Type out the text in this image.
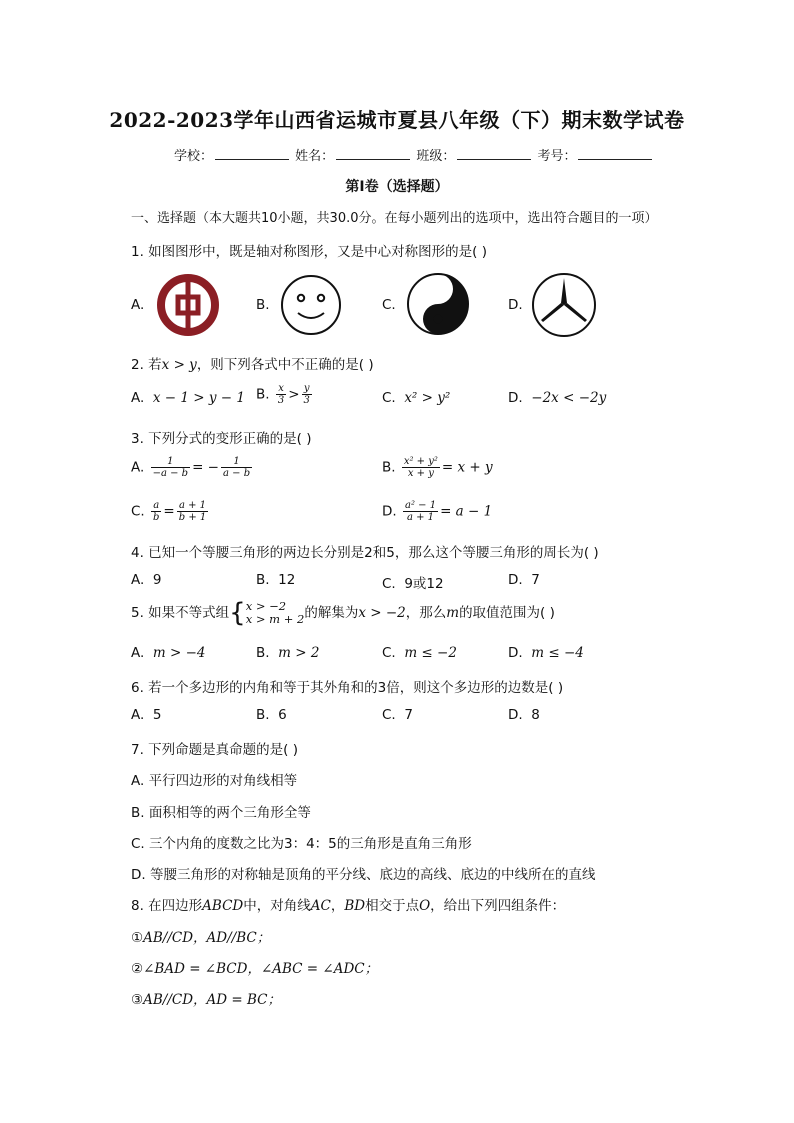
2022-2023学年山西省运城市夏县八年级（下）期末数学试卷
学校：	姓名：	班级：	考号：
第I卷（选择题）
一、选择题（本大题共10小题，共30.0分。在每小题列出的选项中，选出符合题目的一项）
1. 如图图形中，既是轴对称图形，又是中心对称图形的是( )
A.	B.	C.	D.
2. 若x > y，则下列各式中不正确的是( )
A.  x − 1 > y − 1 B. $\frac{x}{3} > \frac{y}{3}$	C.  x² > y²	D.  −2x < −2y
3. 下列分式的变形正确的是( )
A. $\frac{1}{-a - b}$ = − $\frac{1}{a - b}$	B. $\frac{\text{x² + y²}}{x + y} = x + y$
C. $\frac{a}{b} = \frac{a + 1}{b + 1}$	D. $\frac{\text{a² − 1}}{a + 1} = a - 1$
4. 已知一个等腰三角形的两边长分别是2和5，那么这个等腰三角形的周长为( )
A.  9	B.  12	C.  9或12	D.  7
5. 如果不等式组{ x > −2
x > m + 2 的解集为x > −2，那么m的取值范围为( )
A.  m > −4	B.  m > 2	C.  m ≤ −2	D.  m ≤ −4
6. 若一个多边形的内角和等于其外角和的3倍，则这个多边形的边数是( )
A.  5	B.  6	C.  7	D.  8
7. 下列命题是真命题的是( )
A. 平行四边形的对角线相等
B. 面积相等的两个三角形全等
C. 三个内角的度数之比为3：4：5的三角形是直角三角形
D. 等腰三角形的对称轴是顶角的平分线、底边的高线、底边的中线所在的直线
8. 在四边形ABCD中，对角线AC，BD相交于点O，给出下列四组条件：
①AB//CD，AD//BC；
②∠BAD = ∠BCD，∠ABC = ∠ADC；
③AB//CD，AD = BC；
